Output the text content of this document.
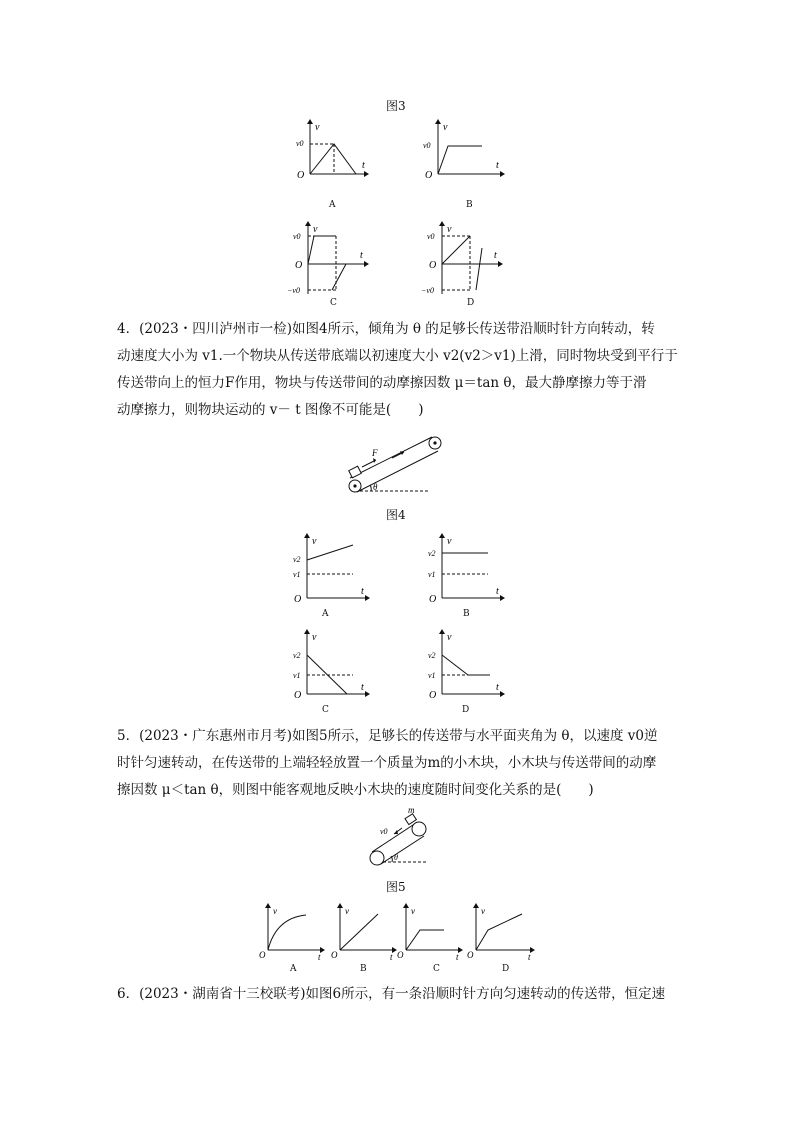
图3
v
t
O
v0
A
v
t
O
v0
B
v
t
O
v0
−v0
C
v
t
O
v0
−v0
D
4．(2023・四川泸州市一检)如图4所示，倾角为 θ 的足够长传送带沿顺时针方向转动，转
动速度大小为 v1.一个物块从传送带底端以初速度大小 v2(v2＞v1)上滑，同时物块受到平行于
传送带向上的恒力F作用，物块与传送带间的动摩擦因数 μ＝tan θ，最大静摩擦力等于滑
动摩擦力，则物块运动的 v－ t 图像不可能是(　　)
F
θ
图4
v
t
O
v2
v1
A
v
t
O
v2
v1
B
v
t
O
v2
v1
C
v
t
O
v2
v1
D
5．(2023・广东惠州市月考)如图5所示，足够长的传送带与水平面夹角为 θ，以速度 v0逆
时针匀速转动，在传送带的上端轻轻放置一个质量为m的小木块，小木块与传送带间的动摩
擦因数 μ＜tan θ，则图中能客观地反映小木块的速度随时间变化关系的是(　　)
m
v0
θ
图5
v
t
O
A
v
t
O
B
v
t
O
C
v
t
O
D
6．(2023・湖南省十三校联考)如图6所示，有一条沿顺时针方向匀速转动的传送带，恒定速
